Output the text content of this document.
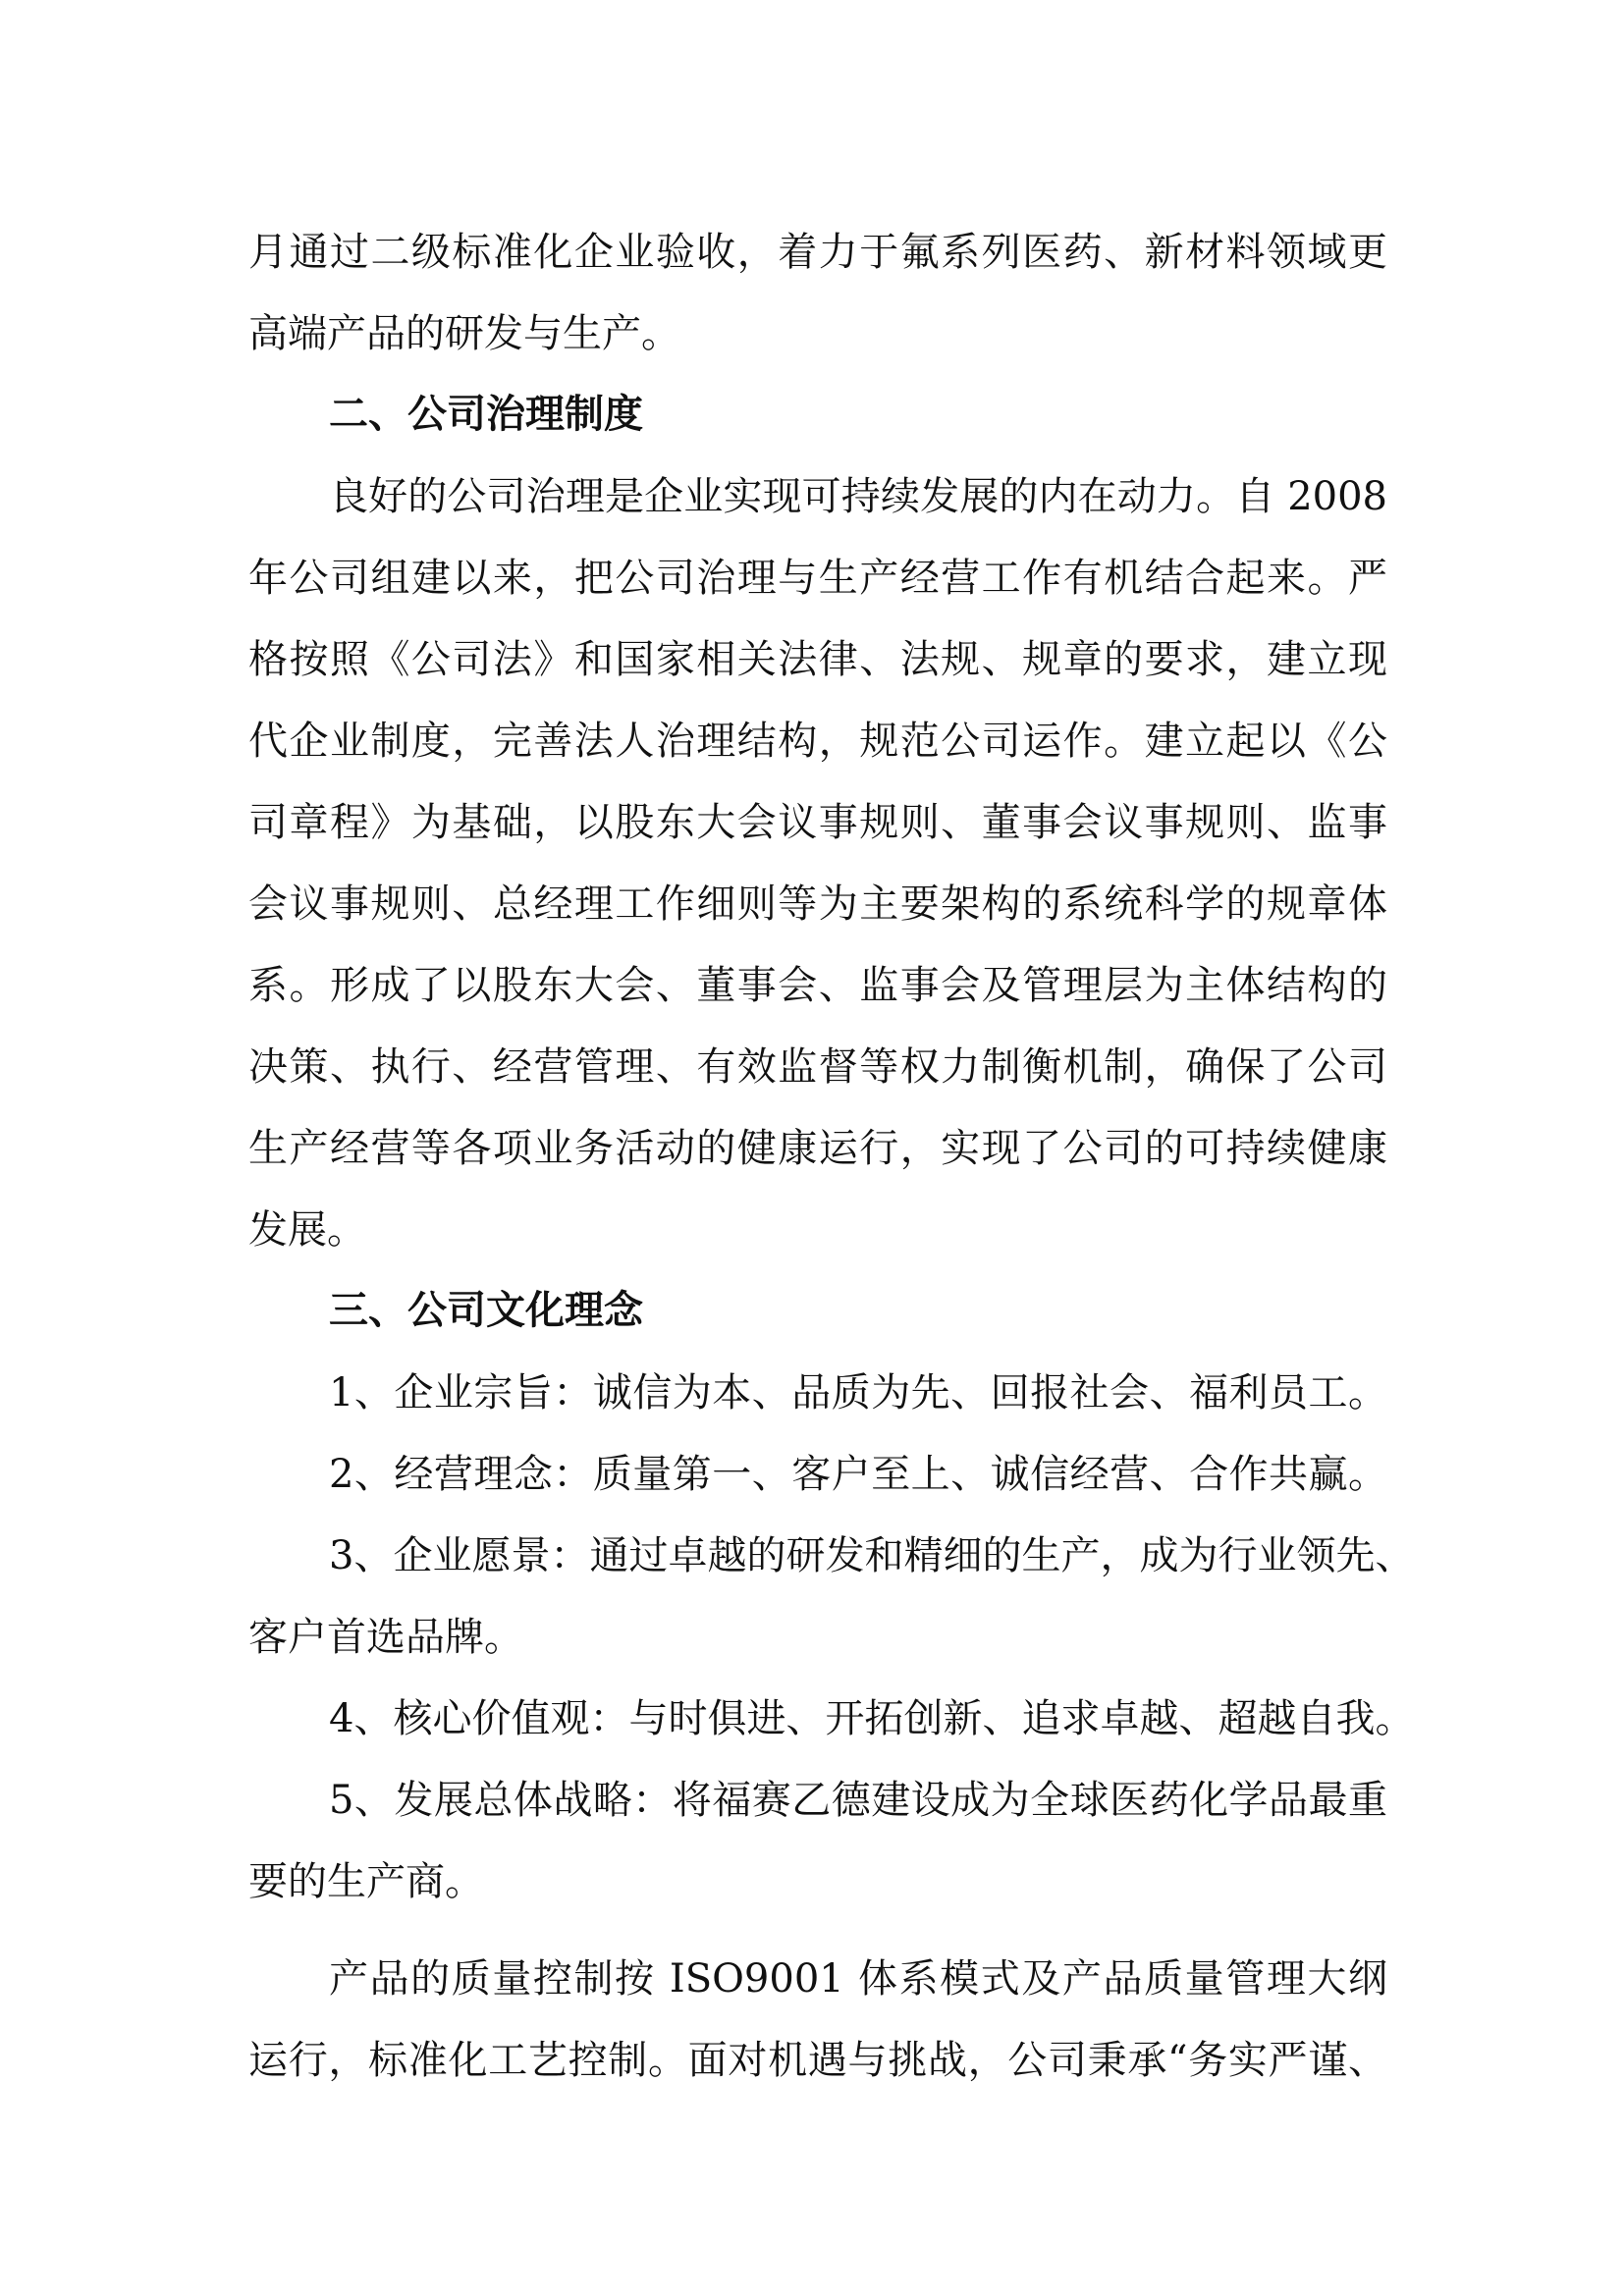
月通过二级标准化企业验收，着力于氟系列医药、新材料领域更
高端产品的研发与生产。
二、公司治理制度
良好的公司治理是企业实现可持续发展的内在动力。自 2008
年公司组建以来，把公司治理与生产经营工作有机结合起来。严
格按照《公司法》和国家相关法律、法规、规章的要求，建立现
代企业制度，完善法人治理结构，规范公司运作。建立起以《公
司章程》为基础，以股东大会议事规则、董事会议事规则、监事
会议事规则、总经理工作细则等为主要架构的系统科学的规章体
系。形成了以股东大会、董事会、监事会及管理层为主体结构的
决策、执行、经营管理、有效监督等权力制衡机制，确保了公司
生产经营等各项业务活动的健康运行，实现了公司的可持续健康
发展。
三、公司文化理念
1、企业宗旨：诚信为本、品质为先、回报社会、福利员工。
2、经营理念：质量第一、客户至上、诚信经营、合作共赢。
3、企业愿景：通过卓越的研发和精细的生产，成为行业领先、
客户首选品牌。
4、核心价值观：与时俱进、开拓创新、追求卓越、超越自我。
5、发展总体战略：将福赛乙德建设成为全球医药化学品最重
要的生产商。
产品的质量控制按 ISO9001 体系模式及产品质量管理大纲
运行，标准化工艺控制。面对机遇与挑战，公司秉承“务实严谨、
